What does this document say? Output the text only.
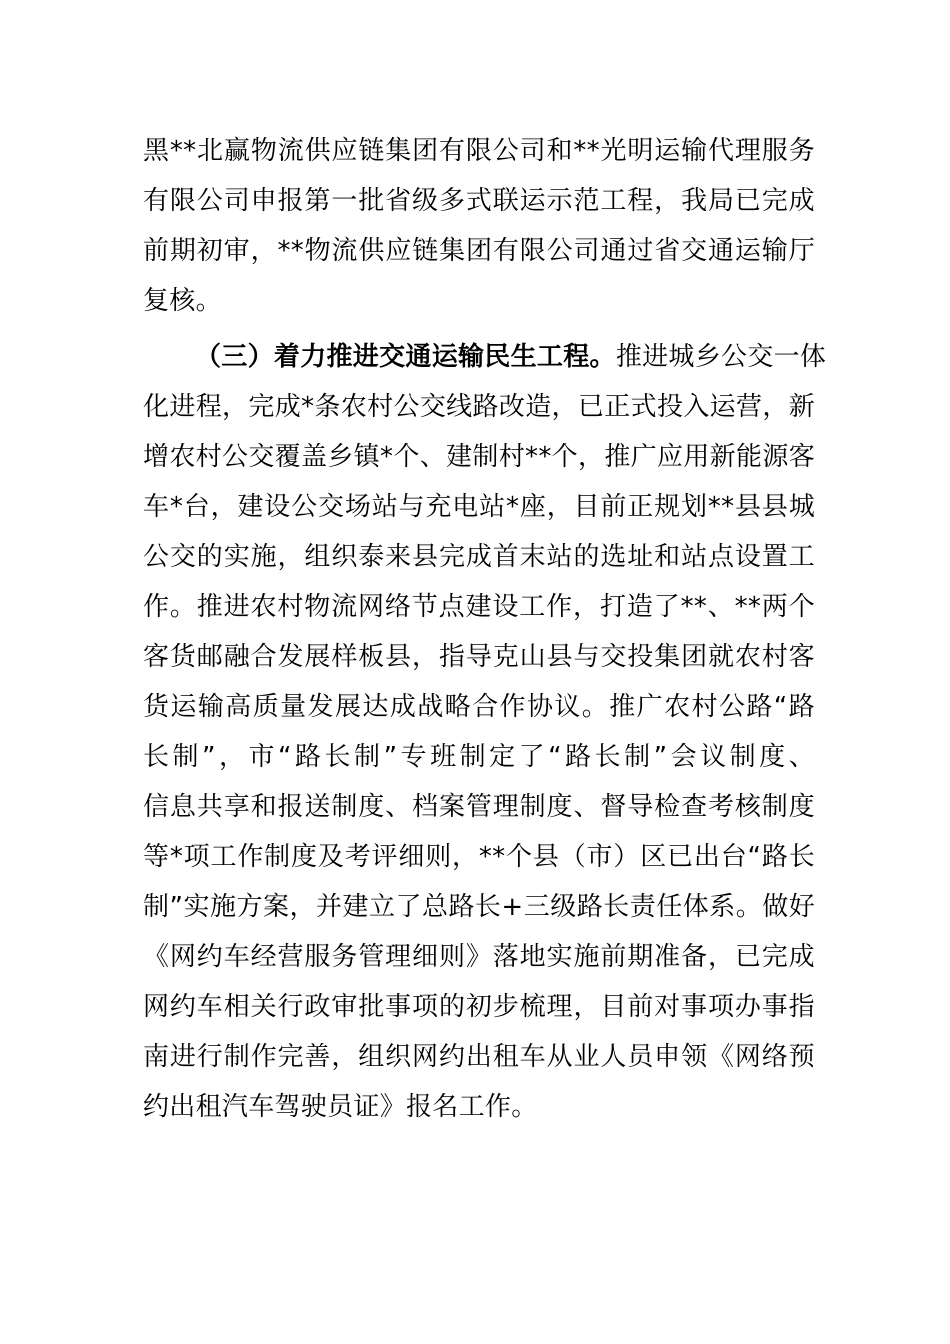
黑**北赢物流供应链集团有限公司和**光明运输代理服务
有限公司申报第一批省级多式联运示范工程，我局已完成
前期初审，**物流供应链集团有限公司通过省交通运输厅
复核。
（三）着力推进交通运输民生工程。推进城乡公交一体
化进程，完成*条农村公交线路改造，已正式投入运营，新
增农村公交覆盖乡镇*个、建制村**个，推广应用新能源客
车*台，建设公交场站与充电站*座，目前正规划**县县城
公交的实施，组织泰来县完成首末站的选址和站点设置工
作。推进农村物流网络节点建设工作，打造了**、**两个
客货邮融合发展样板县，指导克山县与交投集团就农村客
货运输高质量发展达成战略合作协议。推广农村公路“路
长制”，市“路长制”专班制定了“路长制”会议制度、
信息共享和报送制度、档案管理制度、督导检查考核制度
等*项工作制度及考评细则，**个县（市）区已出台“路长
制”实施方案，并建立了总路长+三级路长责任体系。做好
《网约车经营服务管理细则》落地实施前期准备，已完成
网约车相关行政审批事项的初步梳理，目前对事项办事指
南进行制作完善，组织网约出租车从业人员申领《网络预
约出租汽车驾驶员证》报名工作。
